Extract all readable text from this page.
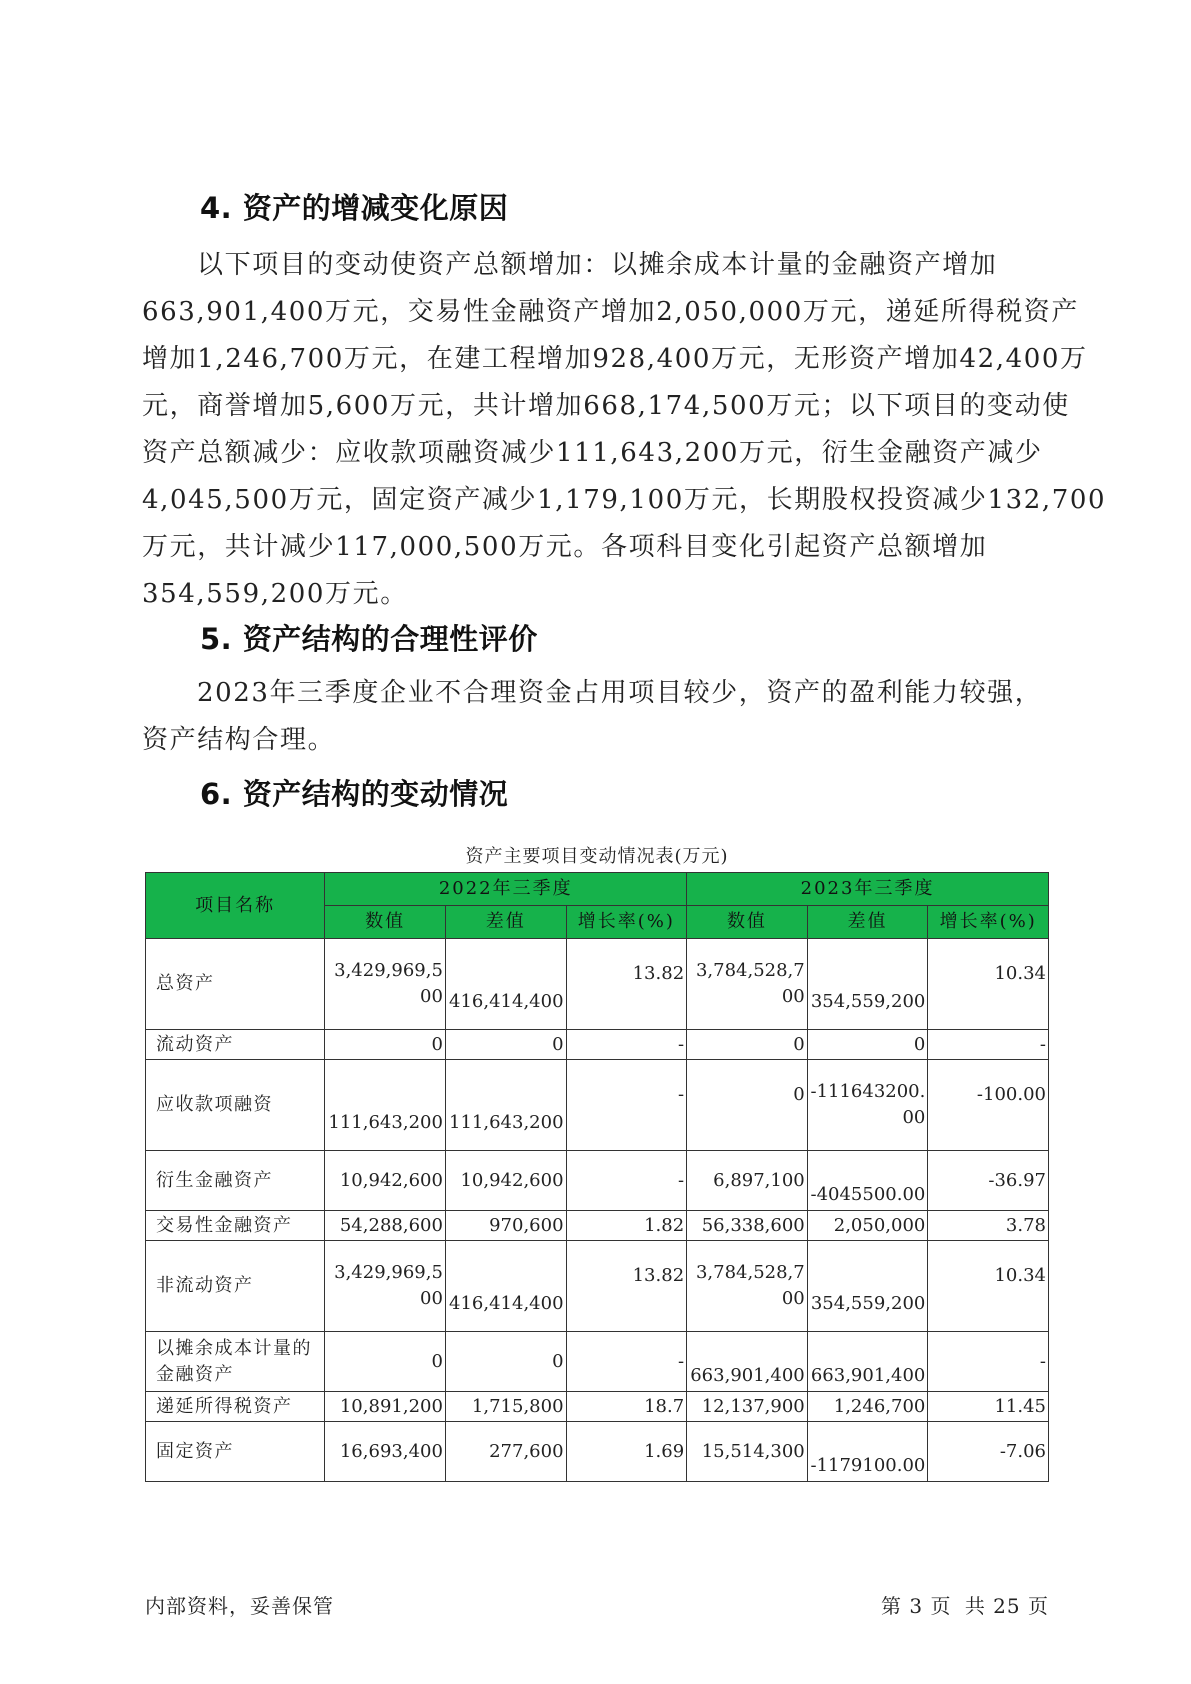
4. 资产的增减变化原因
以下项目的变动使资产总额增加：以摊余成本计量的金融资产增加
663,901,400万元，交易性金融资产增加2,050,000万元，递延所得税资产
增加1,246,700万元，在建工程增加928,400万元，无形资产增加42,400万
元，商誉增加5,600万元，共计增加668,174,500万元；以下项目的变动使
资产总额减少：应收款项融资减少111,643,200万元，衍生金融资产减少
4,045,500万元，固定资产减少1,179,100万元，长期股权投资减少132,700
万元，共计减少117,000,500万元。各项科目变化引起资产总额增加
354,559,200万元。
5. 资产结构的合理性评价
2023年三季度企业不合理资金占用项目较少，资产的盈利能力较强，
资产结构合理。
6. 资产结构的变动情况
资产主要项目变动情况表(万元)
项目名称	2022年三季度			2023年三季度		
	数值	差值	增长率(%)	数值	差值	增长率(%)
总资产	3,429,969,500	416,414,400	13.82	3,784,528,700	354,559,200	10.34
流动资产	0	0	-	0	0	-
应收款项融资	111,643,200	111,643,200	-	0	-111643200.00	-100.00
衍生金融资产	10,942,600	10,942,600	-	6,897,100	-4045500.00	-36.97
交易性金融资产	54,288,600	970,600	1.82	56,338,600	2,050,000	3.78
非流动资产	3,429,969,500	416,414,400	13.82	3,784,528,700	354,559,200	10.34
以摊余成本计量的金融资产	0	0	-	663,901,400	663,901,400	-
递延所得税资产	10,891,200	1,715,800	18.7	12,137,900	1,246,700	11.45
固定资产	16,693,400	277,600	1.69	15,514,300	-1179100.00	-7.06
内部资料，妥善保管	第 3 页 共 25 页
